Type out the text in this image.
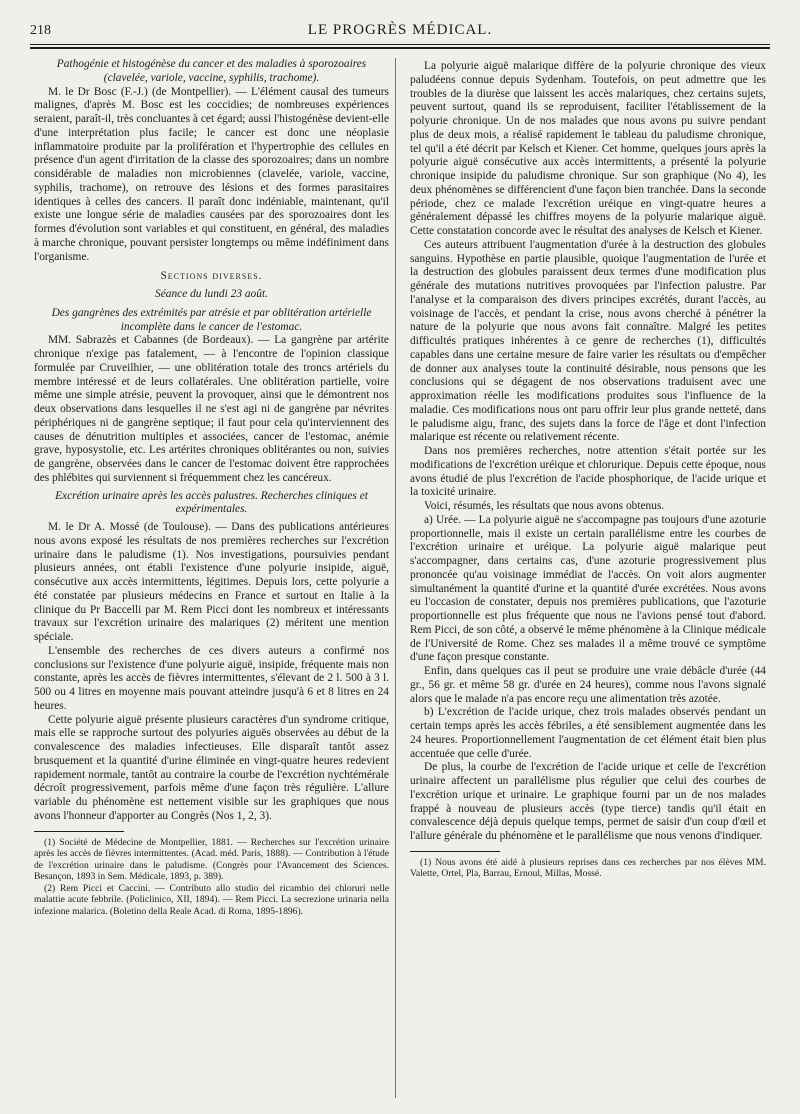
218	LE PROGRÈS MÉDICAL.

Pathogénie et histogénèse du cancer et des maladies à sporozoaires (clavelée, variole, vaccine, syphilis, trachome).

M. le Dr Bosc (F.-J.) (de Montpellier). — L'élément causal des tumeurs malignes, d'après M. Bosc est les coccidies; de nombreuses expériences seraient, paraît-il, très concluantes à cet égard; aussi l'histogénèse devient-elle d'une interprétation plus facile; le cancer est donc une néoplasie inflammatoire produite par la prolifération et l'hypertrophie des cellules en présence d'un agent d'irritation de la classe des sporozoaires; dans un nombre considérable de maladies non microbiennes (clavelée, variole, vaccine, syphilis, trachome), on retrouve des lésions et des formes parasitaires identiques à celles des cancers. Il paraît donc indéniable, maintenant, qu'il existe une longue série de maladies causées par des sporozoaires dont les formes d'évolution sont variables et qui constituent, en général, des maladies à marche chronique, pouvant persister longtemps ou même indéfiniment dans l'organisme.

Sections diverses.

Séance du lundi 23 août.

Des gangrènes des extrémités par atrésie et par oblitération artérielle incomplète dans le cancer de l'estomac.

MM. Sabrazès et Cabannes (de Bordeaux). — La gangrène par artérite chronique n'exige pas fatalement, — à l'encontre de l'opinion classique formulée par Cruveilhier, — une oblitération totale des troncs artériels du membre intéressé et de leurs collatérales. Une oblitération partielle, voire même une simple atrésie, peuvent la provoquer, ainsi que le démontrent nos deux observations dans lesquelles il ne s'est agi ni de gangrène par névrites périphériques ni de gangrène septique; il faut pour cela qu'interviennent des causes de dénutrition multiples et associées, cancer de l'estomac, anémie grave, hyposystolie, etc. Les artérites chroniques oblitérantes ou non, suivies de gangrène, observées dans le cancer de l'estomac doivent être rapprochées des phlébites qui surviennent si fréquemment chez les cancéreux.

Excrétion urinaire après les accès palustres. Recherches cliniques et expérimentales.

M. le Dr A. Mossé (de Toulouse). — Dans des publications antérieures nous avons exposé les résultats de nos premières recherches sur l'excrétion urinaire dans le paludisme (1). Nos investigations, poursuivies pendant plusieurs années, ont établi l'existence d'une polyurie insipide, aiguë, consécutive aux accès intermittents, légitimes. Depuis lors, cette polyurie a été constatée par plusieurs médecins en France et surtout en Italie à la clinique du Pr Baccelli par M. Rem Picci dont les nombreux et intéressants travaux sur l'excrétion urinaire des malariques (2) méritent une mention spéciale.

L'ensemble des recherches de ces divers auteurs a confirmé nos conclusions sur l'existence d'une polyurie aiguë, insipide, fréquente mais non constante, après les accès de fièvres intermittentes, s'élevant de 2 l. 500 à 3 l. 500 ou 4 litres en moyenne mais pouvant atteindre jusqu'à 6 et 8 litres en 24 heures.

Cette polyurie aiguë présente plusieurs caractères d'un syndrome critique, mais elle se rapproche surtout des polyuries aiguës observées au début de la convalescence des maladies infectieuses. Elle disparaît tantôt assez brusquement et la quantité d'urine éliminée en vingt-quatre heures redevient rapidement normale, tantôt au contraire la courbe de l'excrétion nychtémérale décroît progressivement, parfois même d'une façon très régulière. L'allure variable du phénomène est nettement visible sur les graphiques que nous avons l'honneur d'apporter au Congrès (Nos 1, 2, 3).

(1) Société de Médecine de Montpellier, 1881. — Recherches sur l'excrétion urinaire après les accès de fièvres intermittentes. (Acad. méd. Paris, 1888). — Contribution à l'étude de l'excrétion urinaire dans le paludisme. (Congrès pour l'Avancement des Sciences. Besançon, 1893 in Sem. Médicale, 1893, p. 389).

(2) Rem Picci et Caccini. — Contributo allo studio del ricambio dei chloruri nelle malattie acute febbrile. (Policlinico, XII, 1894). — Rem Picci. La secrezione urinaria nella infezione malarica. (Boletino della Reale Acad. di Roma, 1895-1896).

La polyurie aiguë malarique diffère de la polyurie chronique des vieux paludéens connue depuis Sydenham. Toutefois, on peut admettre que les troubles de la diurèse que laissent les accès malariques, chez certains sujets, peuvent surtout, quand ils se reproduisent, faciliter l'établissement de la polyurie chronique. Un de nos malades que nous avons pu suivre pendant plus de deux mois, a réalisé rapidement le tableau du paludisme chronique, tel qu'il a été décrit par Kelsch et Kiener. Cet homme, quelques jours après la polyurie aiguë consécutive aux accès intermittents, a présenté la polyurie chronique insipide du paludisme chronique. Sur son graphique (No 4), les deux phénomènes se différencient d'une façon bien tranchée. Dans la seconde période, chez ce malade l'excrétion uréique en vingt-quatre heures a généralement dépassé les chiffres moyens de la polyurie malarique aiguë. Cette constatation concorde avec le résultat des analyses de Kelsch et Kiener.

Ces auteurs attribuent l'augmentation d'urée à la destruction des globules sanguins. Hypothèse en partie plausible, quoique l'augmentation de l'urée et la destruction des globules paraissent deux termes d'une modification plus générale des mutations nutritives provoquées par l'infection palustre. Par l'analyse et la comparaison des divers principes excrétés, durant l'accès, au voisinage de l'accès, et pendant la crise, nous avons cherché à pénétrer la nature de la polyurie que nous avons fait connaître. Malgré les petites difficultés pratiques inhérentes à ce genre de recherches (1), difficultés capables dans une certaine mesure de faire varier les résultats ou d'empêcher de donner aux analyses toute la continuité désirable, nous pensons que les conclusions qui se dégagent de nos observations traduisent avec une approximation réelle les modifications produites sous l'influence de la maladie. Ces modifications nous ont paru offrir leur plus grande netteté, dans le paludisme aigu, franc, des sujets dans la force de l'âge et dont l'infection malarique est récente ou relativement récente.

Dans nos premières recherches, notre attention s'était portée sur les modifications de l'excrétion uréique et chlorurique. Depuis cette époque, nous avons étudié de plus l'excrétion de l'acide phosphorique, de l'acide urique et la toxicité urinaire.

Voici, résumés, les résultats que nous avons obtenus.

a) Urée. — La polyurie aiguë ne s'accompagne pas toujours d'une azoturie proportionnelle, mais il existe un certain parallélisme entre les courbes de l'excrétion urinaire et uréique. La polyurie aiguë malarique peut s'accompagner, dans certains cas, d'une azoturie progressivement plus prononcée qu'au voisinage immédiat de l'accès. On voit alors augmenter simultanément la quantité d'urine et la quantité d'urée excrétées. Nous avons eu l'occasion de constater, depuis nos premières publications, que l'azoturie proportionnelle est plus fréquente que nous ne l'avions pensé tout d'abord. Rem Picci, de son côté, a observé le même phénomène à la Clinique médicale de l'Université de Rome. Chez ses malades il a même trouvé ce symptôme d'une façon presque constante.

Enfin, dans quelques cas il peut se produire une vraie débâcle d'urée (44 gr., 56 gr. et même 58 gr. d'urée en 24 heures), comme nous l'avons signalé alors que le malade n'a pas encore reçu une alimentation très azotée.

b) L'excrétion de l'acide urique, chez trois malades observés pendant un certain temps après les accès fébriles, a été sensiblement augmentée dans les 24 heures. Proportionnellement l'augmentation de cet élément était bien plus accentuée que celle d'urée.

De plus, la courbe de l'excrétion de l'acide urique et celle de l'excrétion urinaire affectent un parallélisme plus régulier que celui des courbes de l'excrétion urique et urinaire. Le graphique fourni par un de nos malades frappé à nouveau de plusieurs accès (type tierce) tandis qu'il était en convalescence déjà depuis quelque temps, permet de saisir d'un coup d'œil et l'allure générale du phénomène et le parallélisme que nous venons d'indiquer.

(1) Nous avons été aidé à plusieurs reprises dans ces recherches par nos élèves MM. Valette, Ortel, Pla, Barrau, Ernoul, Millas, Mossé.
